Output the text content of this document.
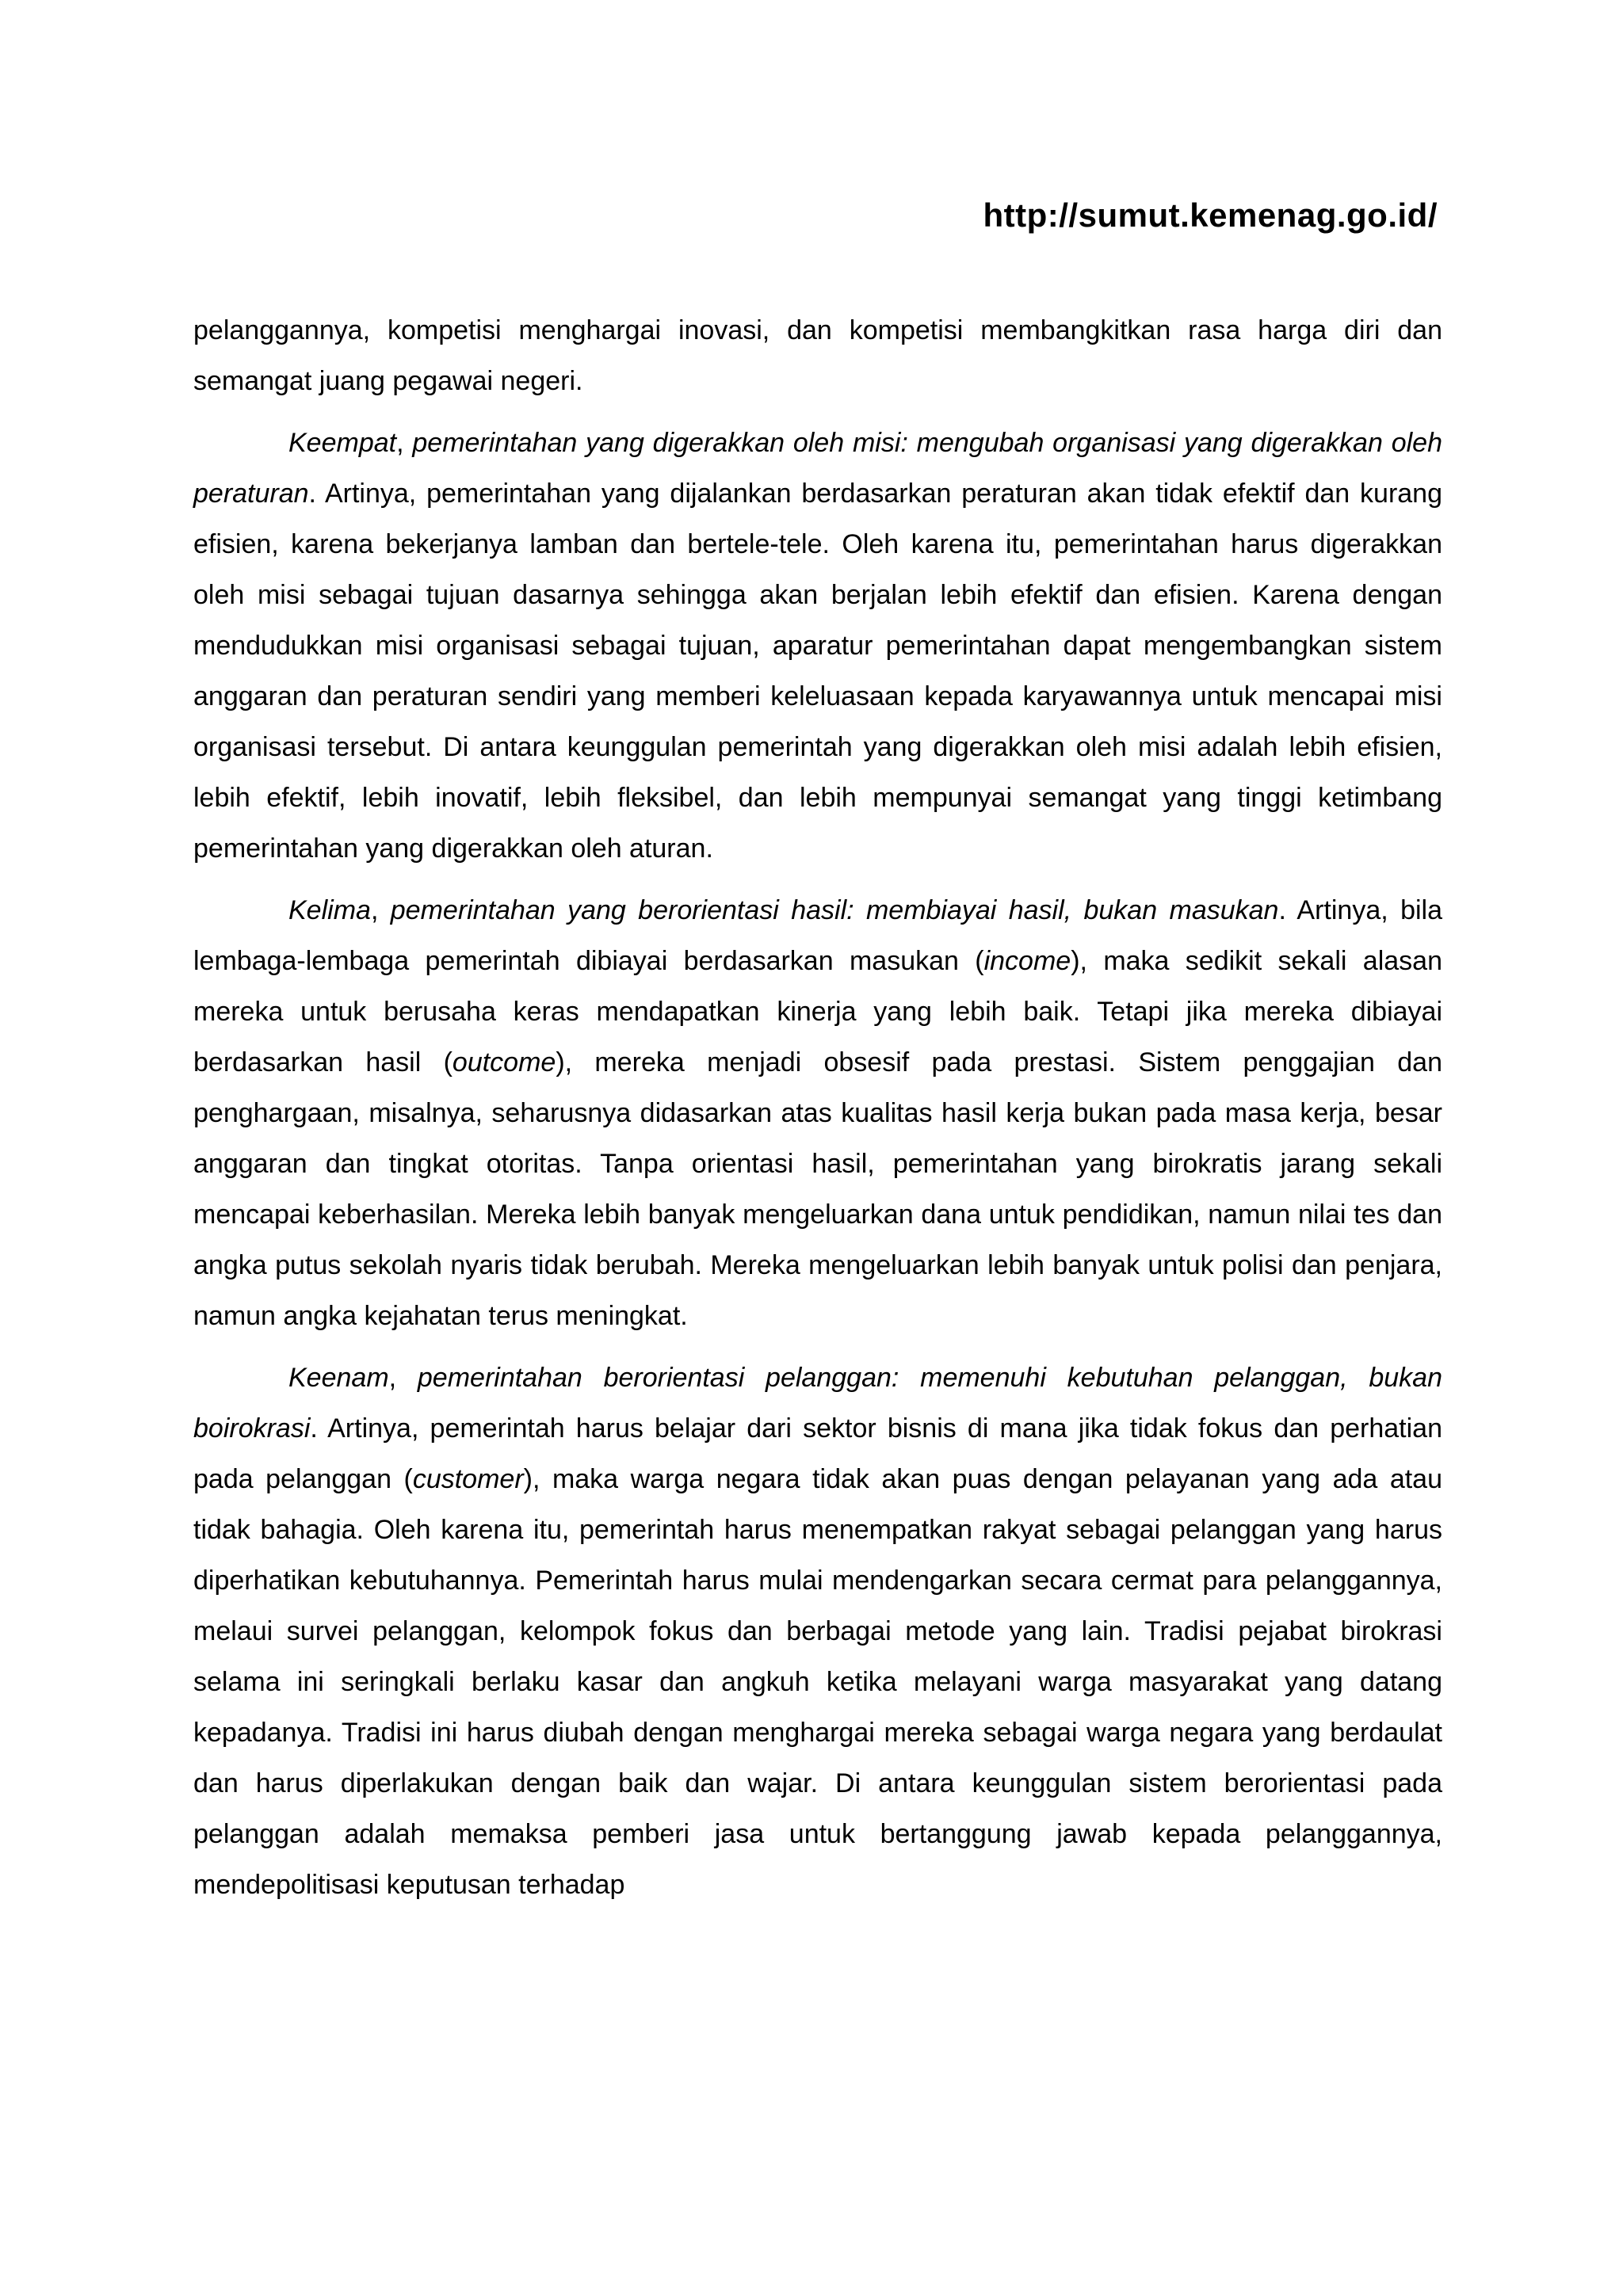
http://sumut.kemenag.go.id/

pelanggannya, kompetisi menghargai inovasi, dan kompetisi membangkitkan rasa harga diri dan semangat juang pegawai negeri.

Keempat, pemerintahan yang digerakkan oleh misi: mengubah organisasi yang digerakkan oleh peraturan. Artinya, pemerintahan yang dijalankan berdasarkan peraturan akan tidak efektif dan kurang efisien, karena bekerjanya lamban dan bertele-tele. Oleh karena itu, pemerintahan harus digerakkan oleh misi sebagai tujuan dasarnya sehingga akan berjalan lebih efektif dan efisien. Karena dengan mendudukkan misi organisasi sebagai tujuan, aparatur pemerintahan dapat mengembangkan sistem anggaran dan peraturan sendiri yang memberi keleluasaan kepada karyawannya untuk mencapai misi organisasi tersebut. Di antara keunggulan pemerintah yang digerakkan oleh misi adalah lebih efisien, lebih efektif, lebih inovatif, lebih fleksibel, dan lebih mempunyai semangat yang tinggi ketimbang pemerintahan yang digerakkan oleh aturan.

Kelima, pemerintahan yang berorientasi hasil: membiayai hasil, bukan masukan. Artinya, bila lembaga-lembaga pemerintah dibiayai berdasarkan masukan (income), maka sedikit sekali alasan mereka untuk berusaha keras mendapatkan kinerja yang lebih baik. Tetapi jika mereka dibiayai berdasarkan hasil (outcome), mereka menjadi obsesif pada prestasi. Sistem penggajian dan penghargaan, misalnya, seharusnya didasarkan atas kualitas hasil kerja bukan pada masa kerja, besar anggaran dan tingkat otoritas. Tanpa orientasi hasil, pemerintahan yang birokratis jarang sekali mencapai keberhasilan. Mereka lebih banyak mengeluarkan dana untuk pendidikan, namun nilai tes dan angka putus sekolah nyaris tidak berubah. Mereka mengeluarkan lebih banyak untuk polisi dan penjara, namun angka kejahatan terus meningkat.

Keenam, pemerintahan berorientasi pelanggan: memenuhi kebutuhan pelanggan, bukan boirokrasi. Artinya, pemerintah harus belajar dari sektor bisnis di mana jika tidak fokus dan perhatian pada pelanggan (customer), maka warga negara tidak akan puas dengan pelayanan yang ada atau tidak bahagia. Oleh karena itu, pemerintah harus menempatkan rakyat sebagai pelanggan yang harus diperhatikan kebutuhannya. Pemerintah harus mulai mendengarkan secara cermat para pelanggannya, melaui survei pelanggan, kelompok fokus dan berbagai metode yang lain. Tradisi pejabat birokrasi selama ini seringkali berlaku kasar dan angkuh ketika melayani warga masyarakat yang datang kepadanya. Tradisi ini harus diubah dengan menghargai mereka sebagai warga negara yang berdaulat dan harus diperlakukan dengan baik dan wajar. Di antara keunggulan sistem berorientasi pada pelanggan adalah memaksa pemberi jasa untuk bertanggung jawab kepada pelanggannya, mendepolitisasi keputusan terhadap
